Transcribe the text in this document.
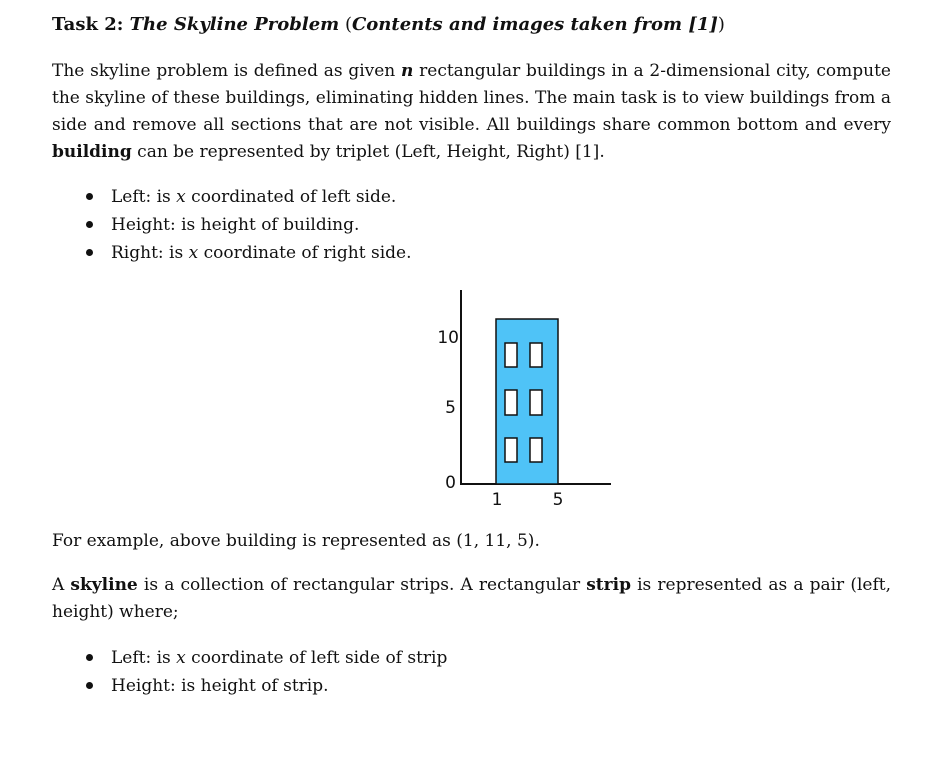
Task 2: The Skyline Problem (Contents and images taken from [1])

The skyline problem is defined as given n rectangular buildings in a 2-dimensional city, compute the skyline of these buildings, eliminating hidden lines. The main task is to view buildings from a side and remove all sections that are not visible. All buildings share common bottom and every building can be represented by triplet (Left, Height, Right) [1].

Left: is x coordinated of left side.
Height: is height of building.
Right: is x coordinate of right side.
10
5
0
1	5

For example, above building is represented as (1, 11, 5).

A skyline is a collection of rectangular strips. A rectangular strip is represented as a pair (left, height) where;

Left: is x coordinate of left side of strip
Height: is height of strip.
